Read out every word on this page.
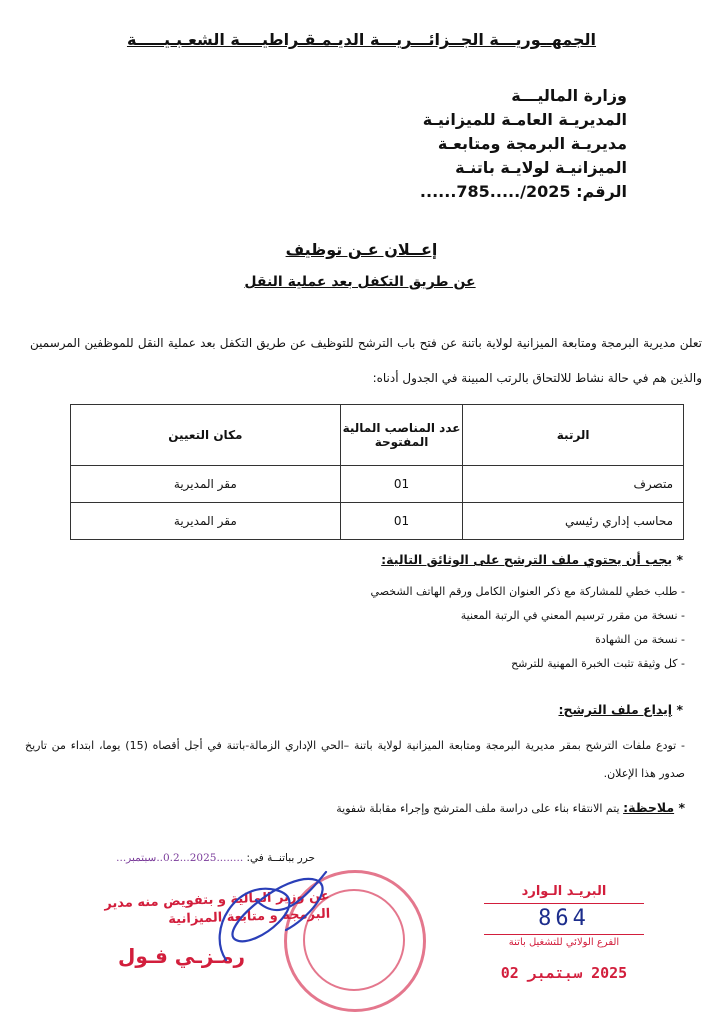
الجمهــوريـــة الجــزائـــريـــة الديـمـقـراطيــــة الشعـبـيـــــة
وزارة الماليـــة
المديريـة العامـة للميزانيـة
مديريـة البرمجة ومتابعـة
الميزانيـة لولايـة باتنـة
الرقم: ......785...../2025
إعــلان عـن توظيف
عن طريق التكفل بعد عملية النقل
تعلن مديرية البرمجة ومتابعة الميزانية لولاية باتنة عن فتح باب الترشح للتوظيف عن طريق التكفل بعد عملية النقل للموظفين المرسمين والذين هم في حالة نشاط للالتحاق بالرتب المبينة في الجدول أدناه:
الرتبة	عدد المناصب المالية المفتوحة	مكان التعيين
متصرف	01	مقر المديرية
محاسب إداري رئيسي	01	مقر المديرية
* يجب أن يحتوي ملف الترشح على الوثائق التالية:
- طلب خطي للمشاركة مع ذكر العنوان الكامل ورقم الهاتف الشخصي
- نسخة من مقرر ترسيم المعني في الرتبة المعنية
- نسخة من الشهادة
- كل وثيقة تثبت الخبرة المهنية للترشح
* إيداع ملف الترشح:
- تودع ملفات الترشح بمقر مديرية البرمجة ومتابعة الميزانية لولاية باتنة –الحي الإداري الزمالة-باتنة في أجل أقصاه (15) يوما، ابتداء من تاريخ صدور هذا الإعلان.
* ملاحظة: يتم الانتقاء بناء على دراسة ملف المترشح وإجراء مقابلة شفوية
حرر بباتنــة في: ........2025...0.2..سبتمبر...
عن وزير المالية و بتفويض منه مدير البرمجة و متابعة الميزانية
رمـزـي فـول
البريـد الـوارد
864
الفرع الولائي للتشغيل باتنة
2025 سبتمبر 02
